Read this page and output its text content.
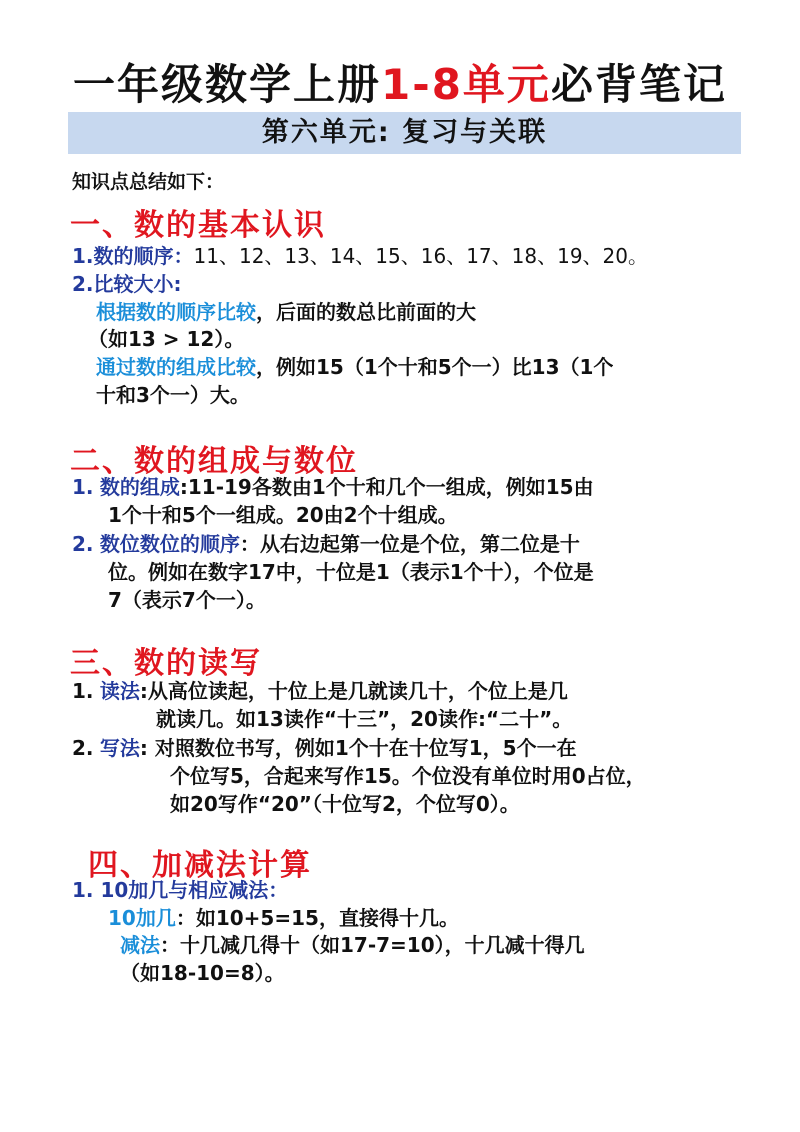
一年级数学上册1-8单元必背笔记
第六单元: 复习与关联
知识点总结如下：
一、数的基本认识
1.数的顺序：11、12、13、14、15、16、17、18、19、20。
2.比较大小:
根据数的顺序比较，后面的数总比前面的大
（如13 > 12）。
通过数的组成比较，例如15（1个十和5个一）比13（1个
十和3个一）大。
二、数的组成与数位
1. 数的组成:11-19各数由1个十和几个一组成，例如15由
1个十和5个一组成。20由2个十组成。
2. 数位数位的顺序：从右边起第一位是个位，第二位是十
位。例如在数字17中，十位是1（表示1个十），个位是
7（表示7个一）。
三、数的读写
1. 读法:从高位读起，十位上是几就读几十，个位上是几
就读几。如13读作“十三”，20读作:“二十”。
2. 写法: 对照数位书写，例如1个十在十位写1，5个一在
个位写5，合起来写作15。个位没有单位时用0占位，
如20写作“20”（十位写2，个位写0）。
四、加减法计算
1. 10加几与相应减法：
10加几：如10+5=15，直接得十几。
减法：十几减几得十（如17-7=10），十几减十得几
（如18-10=8）。
